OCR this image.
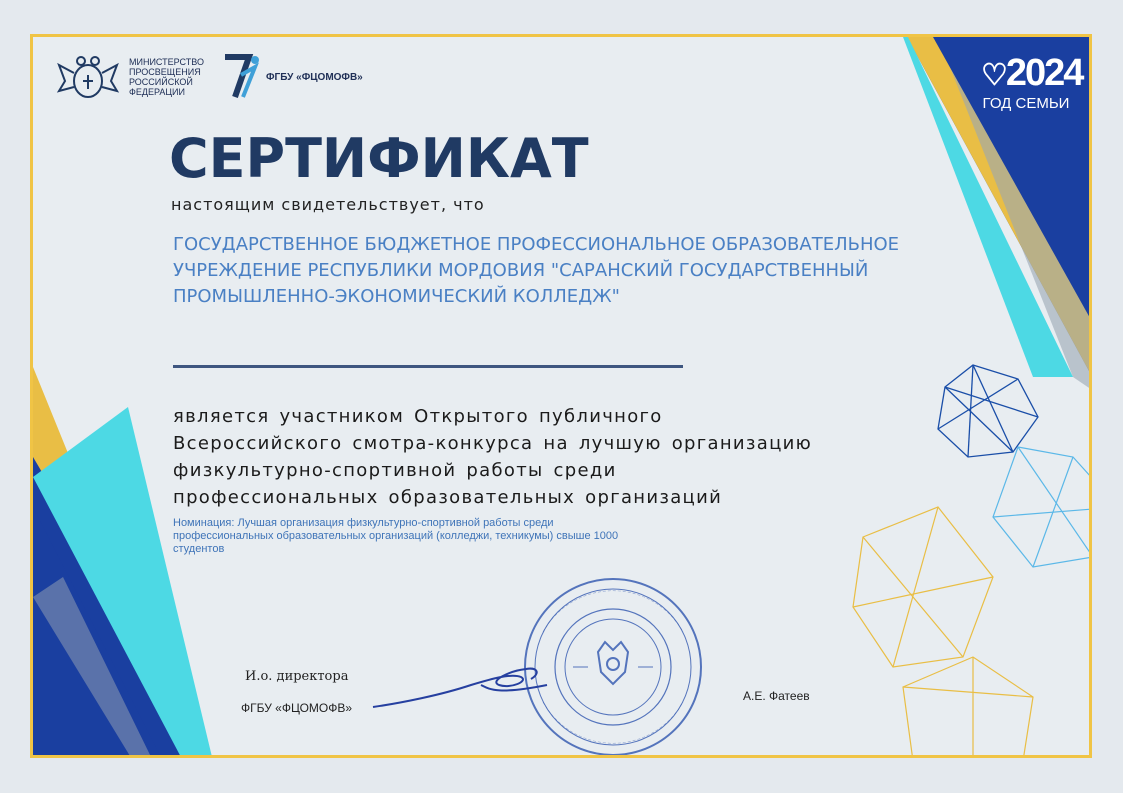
МИНИСТЕРСТВО
ПРОСВЕЩЕНИЯ
РОССИЙСКОЙ
ФЕДЕРАЦИИ
ФГБУ «ФЦОМОФВ»	♡2024
ГОД СЕМЬИ
СЕРТИФИКАТ
настоящим свидетельствует, что
ГОСУДАРСТВЕННОЕ БЮДЖЕТНОЕ ПРОФЕССИОНАЛЬНОЕ ОБРАЗОВАТЕЛЬНОЕ
УЧРЕЖДЕНИЕ РЕСПУБЛИКИ МОРДОВИЯ "САРАНСКИЙ ГОСУДАРСТВЕННЫЙ
ПРОМЫШЛЕННО-ЭКОНОМИЧЕСКИЙ КОЛЛЕДЖ"
является участником Открытого публичного
Всероссийского смотра-конкурса на лучшую организацию
физкультурно-спортивной работы среди
профессиональных образовательных организаций
Номинация: Лучшая организация физкультурно-спортивной работы среди
профессиональных образовательных организаций (колледжи, техникумы) свыше 1000
студентов
И.о. директора
ФГБУ «ФЦОМОФВ»
А.Е. Фатеев
